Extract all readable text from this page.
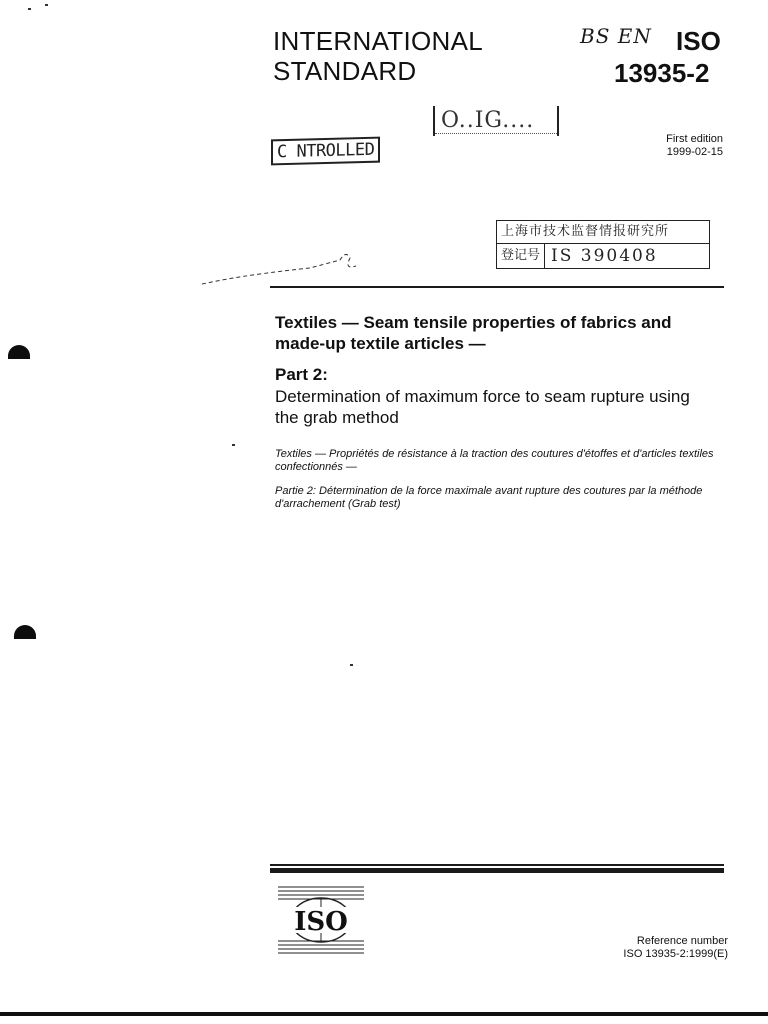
INTERNATIONAL
STANDARD
BS EN ISO
13935-2
O..IG....
C NTROLLED
First edition
1999-02-15
上海市技术监督情报研究所
登记号 IS 390408
Textiles — Seam tensile properties of fabrics and made-up textile articles —
Part 2:
Determination of maximum force to seam rupture using the grab method
Textiles — Propriétés de résistance à la traction des coutures d'étoffes et d'articles textiles confectionnés —
Partie 2: Détermination de la force maximale avant rupture des coutures par la méthode d'arrachement (Grab test)
ISO
Reference number
ISO 13935-2:1999(E)
